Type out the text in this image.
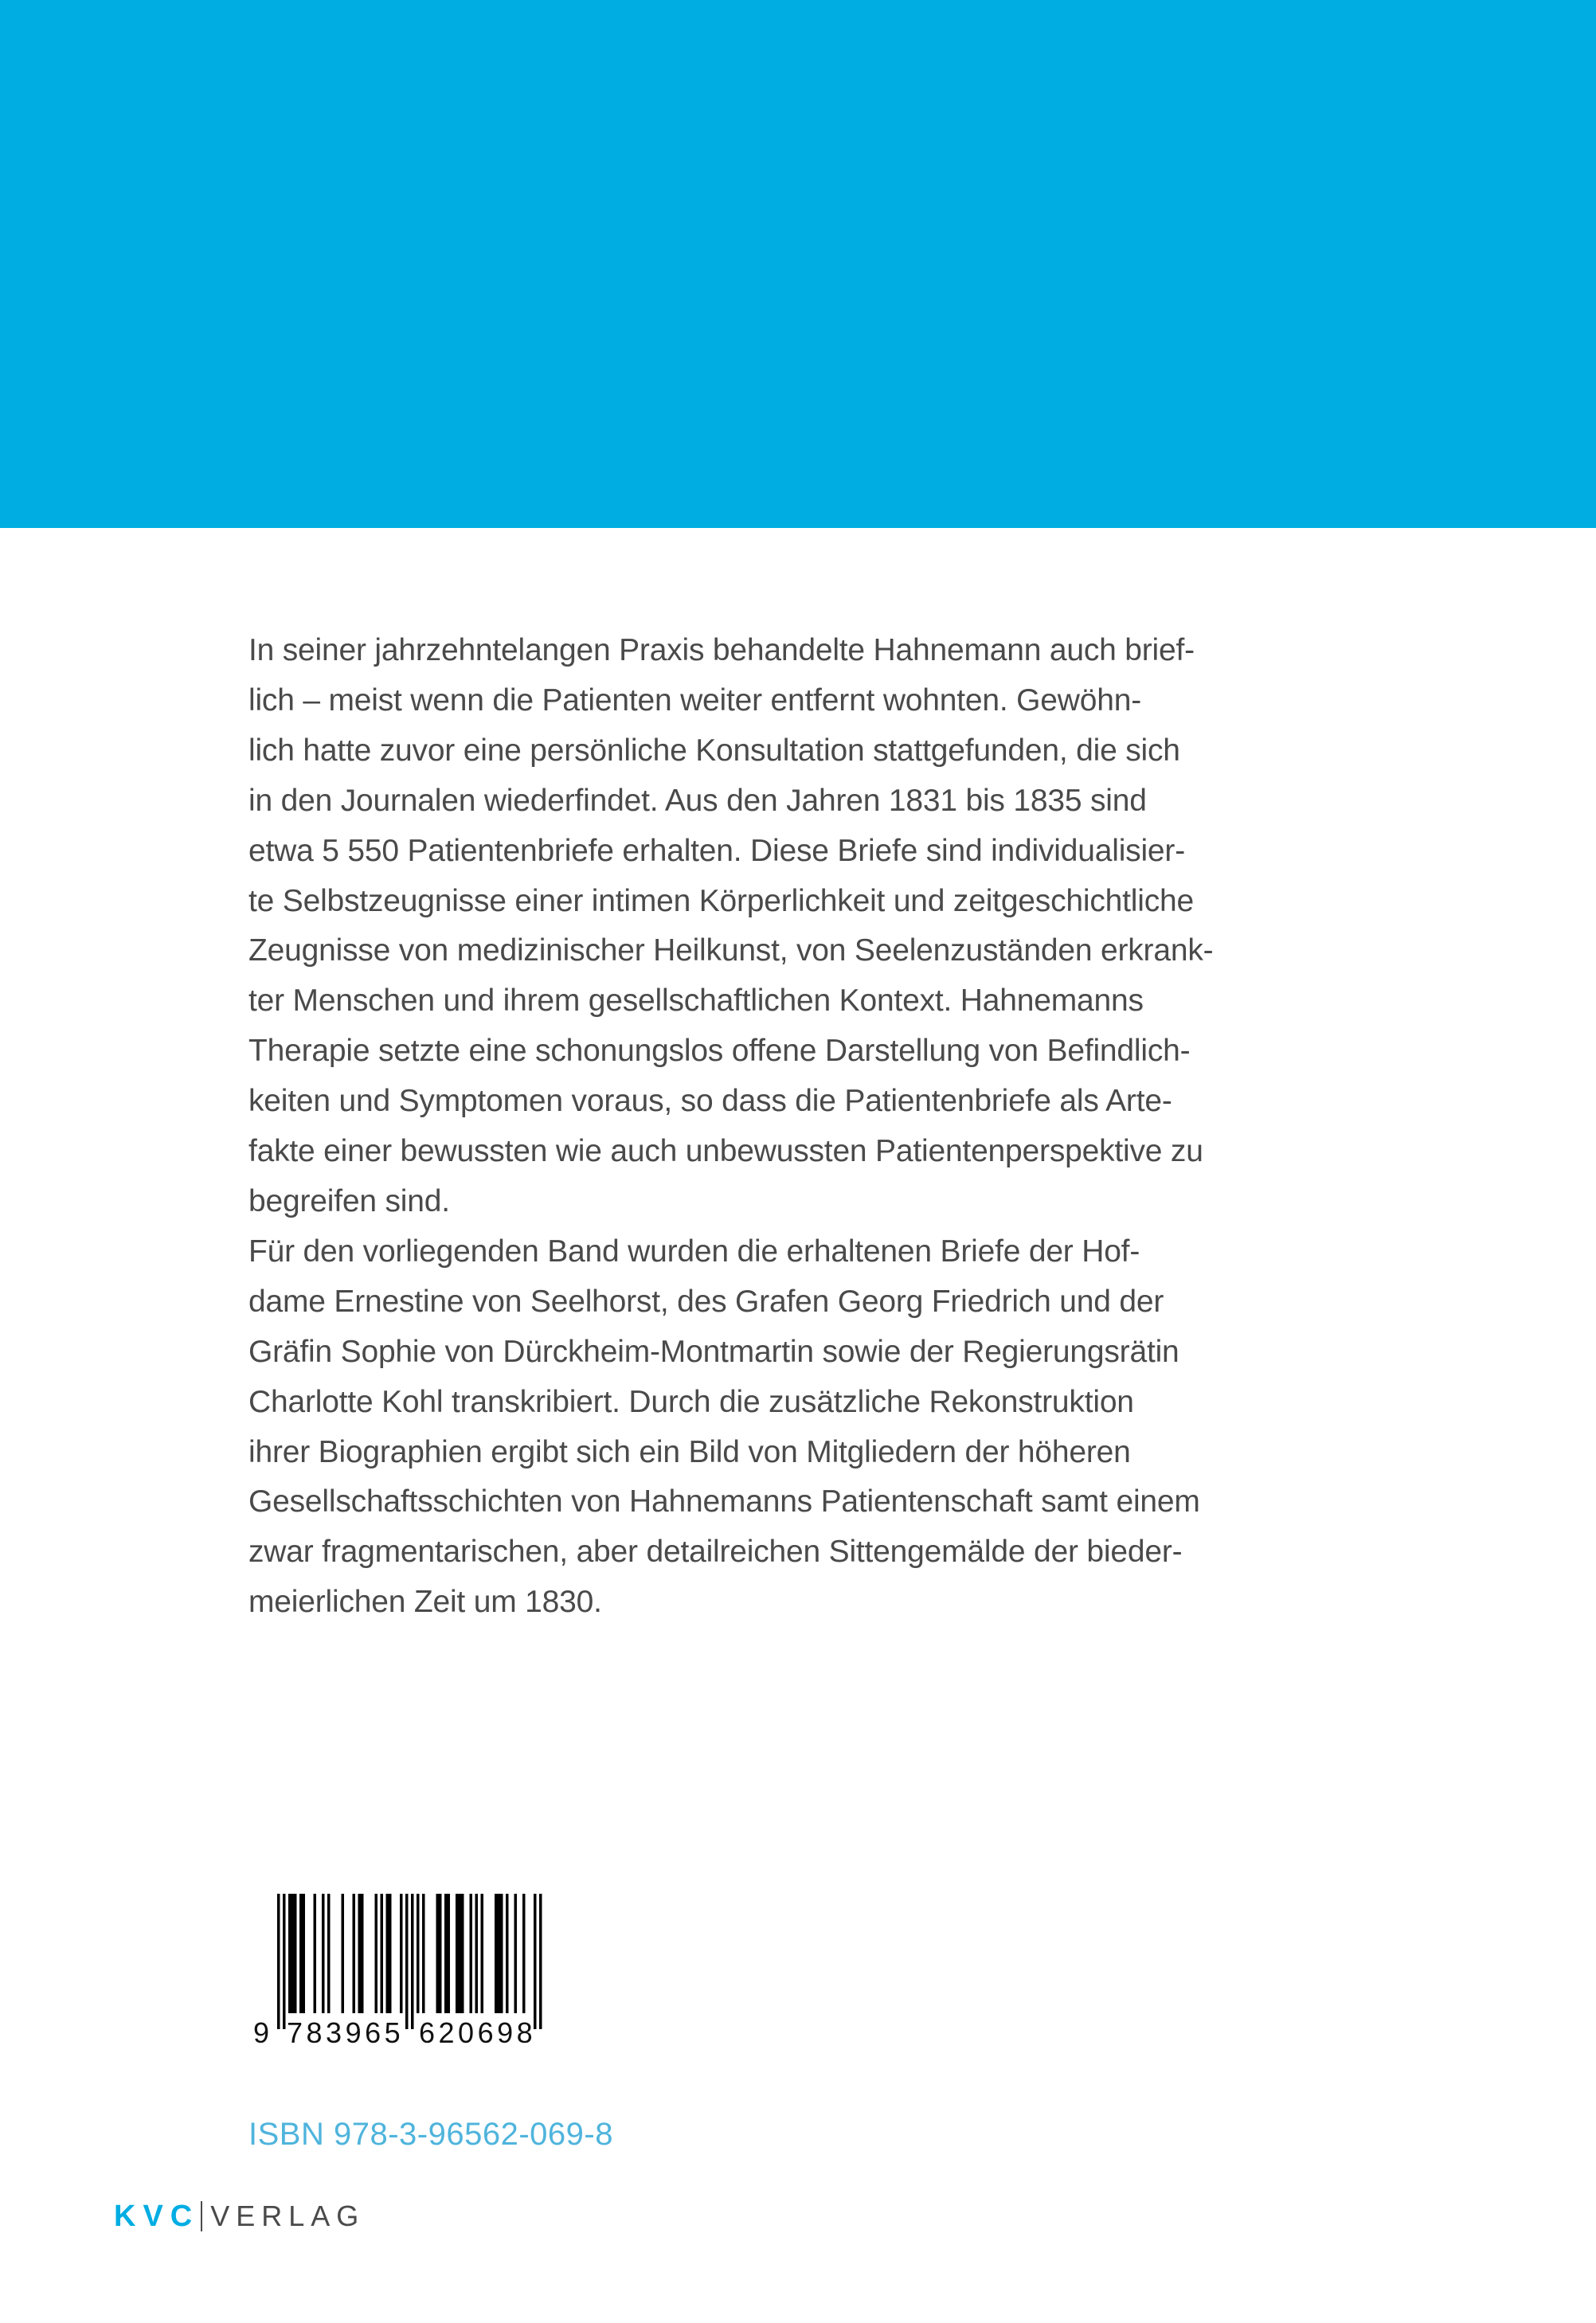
In seiner jahrzehntelangen Praxis behandelte Hahnemann auch brief-
lich – meist wenn die Patienten weiter entfernt wohnten. Gewöhn-
lich hatte zuvor eine persönliche Konsultation stattgefunden, die sich
in den Journalen wiederfindet. Aus den Jahren 1831 bis 1835 sind
etwa 5 550 Patientenbriefe erhalten. Diese Briefe sind individualisier-
te Selbstzeugnisse einer intimen Körperlichkeit und zeitgeschichtliche
Zeugnisse von medizinischer Heilkunst, von Seelenzuständen erkrank-
ter Menschen und ihrem gesellschaftlichen Kontext. Hahnemanns
Therapie setzte eine schonungslos offene Darstellung von Befindlich-
keiten und Symptomen voraus, so dass die Patientenbriefe als Arte-
fakte einer bewussten wie auch unbewussten Patientenperspektive zu
begreifen sind.

Für den vorliegenden Band wurden die erhaltenen Briefe der Hof-
dame Ernestine von Seelhorst, des Grafen Georg Friedrich und der
Gräfin Sophie von Dürckheim-Montmartin sowie der Regierungsrätin
Charlotte Kohl transkribiert. Durch die zusätzliche Rekonstruktion
ihrer Biographien ergibt sich ein Bild von Mitgliedern der höheren
Gesellschaftsschichten von Hahnemanns Patientenschaft samt einem
zwar fragmentarischen, aber detailreichen Sittengemälde der bieder-
meierlichen Zeit um 1830.

9 783965 620698
ISBN 978-3-96562-069-8
KVC VERLAG
